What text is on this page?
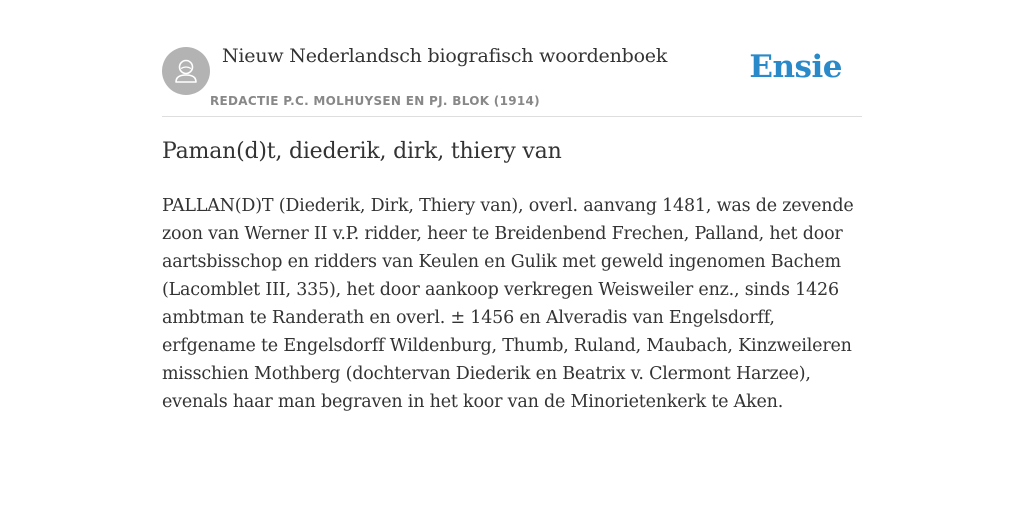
Nieuw Nederlandsch biografisch woordenboek
REDACTIE P.C. MOLHUYSEN EN PJ. BLOK (1914)
Ensie
Paman(d)t, diederik, dirk, thiery van

PALLAN(D)T (Diederik, Dirk, Thiery van), overl. aanvang 1481, was de zevende zoon van Werner II v.P. ridder, heer te Breidenbend Frechen, Palland, het door aartsbisschop en ridders van Keulen en Gulik met geweld ingenomen Bachem (Lacomblet III, 335), het door aankoop verkregen Weisweiler enz., sinds 1426 ambtman te Randerath en overl. ± 1456 en Alveradis van Engelsdorff, erfgename te Engelsdorff Wildenburg, Thumb, Ruland, Maubach, Kinzweileren misschien Mothberg (dochtervan Diederik en Beatrix v. Clermont Harzee), evenals haar man begraven in het koor van de Minorietenkerk te Aken.
